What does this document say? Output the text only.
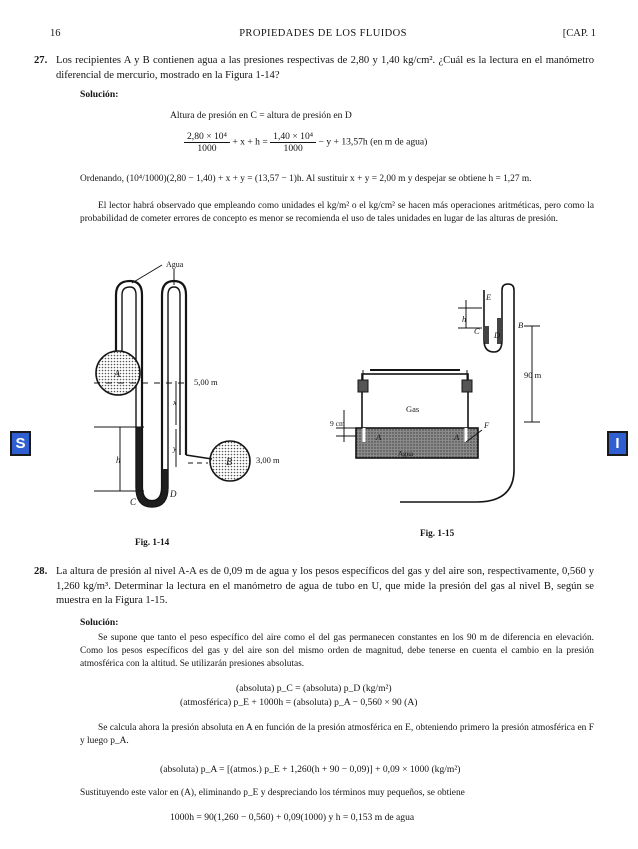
16	PROPIEDADES DE LOS FLUIDOS	[CAP. 1
27. Los recipientes A y B contienen agua a las presiones respectivas de 2,80 y 1,40 kg/cm². ¿Cuál es la lectura en el manómetro diferencial de mercurio, mostrado en la Figura 1-14?
Solución:
Altura de presión en C = altura de presión en D
$\frac{\text{2,80 × 10⁴}}{1000} + x + h = \frac{\text{1,40 × 10⁴}}{1000} - y + 13,57h$ (en m de agua)
Ordenando, (10⁴/1000)(2,80 − 1,40) + x + y = (13,57 − 1)h. Al sustituir x + y = 2,00 m y despejar se obtiene h = 1,27 m.
El lector habrá observado que empleando como unidades el kg/m² o el kg/cm² se hacen más operaciones aritméticas, pero como la probabilidad de cometer errores de concepto es menor se recomienda el uso de tales unidades en lugar de las alturas de presión.
A
B
Agua
x
y
h
5,00 m
3,00 m
C
D
Fig. 1-14
E
C D
B
h
90 m
Gas
A	A
Agua
F
9 cm
Fig. 1-15
S	I
28. La altura de presión al nivel A-A es de 0,09 m de agua y los pesos específicos del gas y del aire son, respectivamente, 0,560 y 1,260 kg/m³. Determinar la lectura en el manómetro de agua de tubo en U, que mide la presión del gas al nivel B, según se muestra en la Figura 1-15.
Solución:
Se supone que tanto el peso específico del aire como el del gas permanecen constantes en los 90 m de diferencia en elevación. Como los pesos específicos del gas y del aire son del mismo orden de magnitud, debe tenerse en cuenta el cambio en la presión atmosférica con la altitud. Se utilizarán presiones absolutas.
(absoluta) p_C = (absoluta) p_D (kg/m²)
(atmosférica) p_E + 1000h = (absoluta) p_A − 0,560 × 90 (A)
Se calcula ahora la presión absoluta en A en función de la presión atmosférica en E, obteniendo primero la presión atmosférica en F y luego p_A.
(absoluta) p_A = [(atmos.) p_E + 1,260(h + 90 − 0,09)] + 0,09 × 1000 (kg/m²)
Sustituyendo este valor en (A), eliminando p_E y despreciando los términos muy pequeños, se obtiene
1000h = 90(1,260 − 0,560) + 0,09(1000) y h = 0,153 m de agua
